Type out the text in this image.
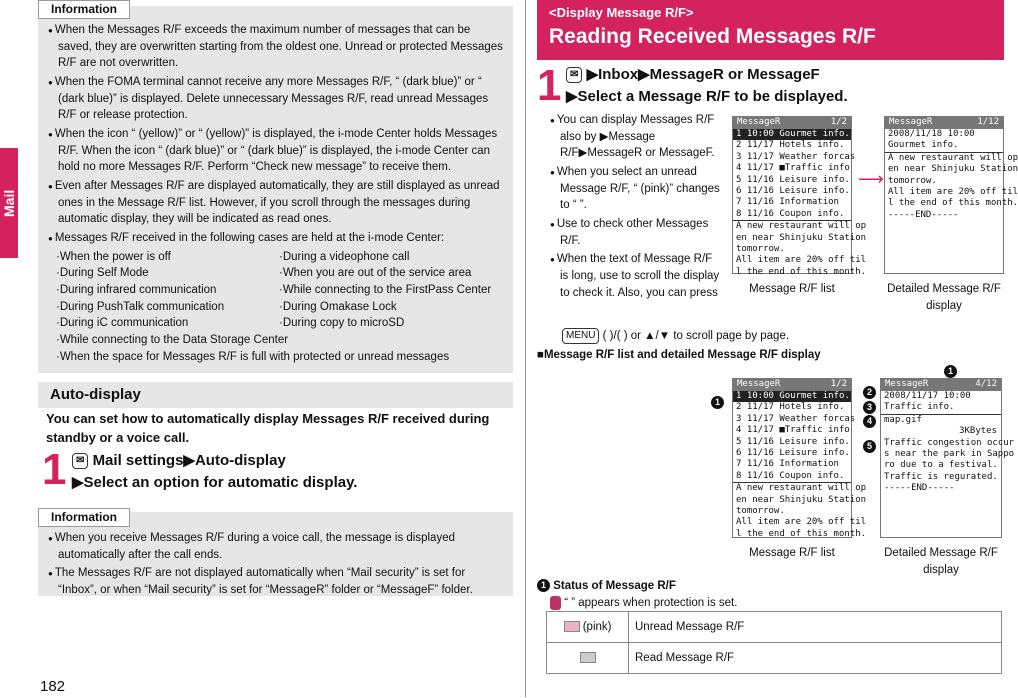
Mail
182
Information
● When the Messages R/F exceeds the maximum number of messages that can be saved, they are overwritten starting from the oldest one. Unread or protected Messages R/F are not overwritten.
● When the FOMA terminal cannot receive any more Messages R/F, “ (dark blue)” or “ (dark blue)” is displayed. Delete unnecessary Messages R/F, read unread Messages R/F or release protection.
● When the icon “ (yellow)” or “ (yellow)” is displayed, the i-mode Center holds Messages R/F. When the icon “ (dark blue)” or “ (dark blue)” is displayed, the i-mode Center can hold no more Messages R/F. Perform “Check new message” to receive them.
● Even after Messages R/F are displayed automatically, they are still displayed as unread ones in the Message R/F list. However, if you scroll through the messages during automatic display, they will be indicated as read ones.
● Messages R/F received in the following cases are held at the i-mode Center:
·When the power is off	·During a videophone call
·During Self Mode	·When you are out of the service area
·During infrared communication	·While connecting to the FirstPass Center
·During PushTalk communication	·During Omakase Lock
·During iC communication	·During copy to microSD
·While connecting to the Data Storage Center
·When the space for Messages R/F is full with protected or unread messages
Auto-display
You can set how to automatically display Messages R/F received during standby or a voice call.
1 ✉ Mail settings▶Auto-display
▶Select an option for automatic display.
Information
● When you receive Messages R/F during a voice call, the message is displayed automatically after the call ends.
● The Messages R/F are not displayed automatically when “Mail security” is set for “Inbox”, or when “Mail security” is set for “MessageR” folder or “MessageF” folder.
<Display Message R/F>
Reading Received Messages R/F
1 ✉ ▶Inbox▶MessageR or MessageF
▶Select a Message R/F to be displayed.
● You can display Messages R/F also by ▶Message R/F▶MessageR or MessageF.
● When you select an unread Message R/F, “ (pink)” changes to “ ”.
● Use to check other Messages R/F.
● When the text of Message R/F is long, use to scroll the display to check it. Also, you can press
MENU ( )/( ) or ▲/▼ to scroll page by page.
MessageR	1/2
1 10:00 Gourmet info.
2 11/17 Hotels info.
3 11/17 Weather forcas
4 11/17 ■Traffic info
5 11/16 Leisure info.
6 11/16 Leisure info.
7 11/16 Information
8 11/16 Coupon info.
A new restaurant will op
en near Shinjuku Station
tomorrow.
All item are 20% off til
l the end of this month.
⟶
MessageR	1/12
2008/11/18 10:00
Gourmet info.
A new restaurant will op
en near Shinjuku Station
tomorrow.
All item are 20% off til
l the end of this month.
-----END-----
Message R/F list	Detailed Message R/F display
■Message R/F list and detailed Message R/F display
1
1
2
3
4
5
MessageR	1/2
1 10:00 Gourmet info.
2 11/17 Hotels info.
3 11/17 Weather forcas
4 11/17 ■Traffic info
5 11/16 Leisure info.
6 11/16 Leisure info.
7 11/16 Information
8 11/16 Coupon info.
A new restaurant will op
en near Shinjuku Station
tomorrow.
All item are 20% off til
l the end of this month.
MessageR	4/12
2008/11/17 10:00
Traffic info.
map.gif
3KBytes
Traffic congestion occur
s near the park in Sappo
ro due to a festival.
Traffic is regurated.
-----END-----
Message R/F list	Detailed Message R/F display
1 Status of Message R/F
“ ” appears when protection is set.
(pink)	Unread Message R/F
	Read Message R/F
